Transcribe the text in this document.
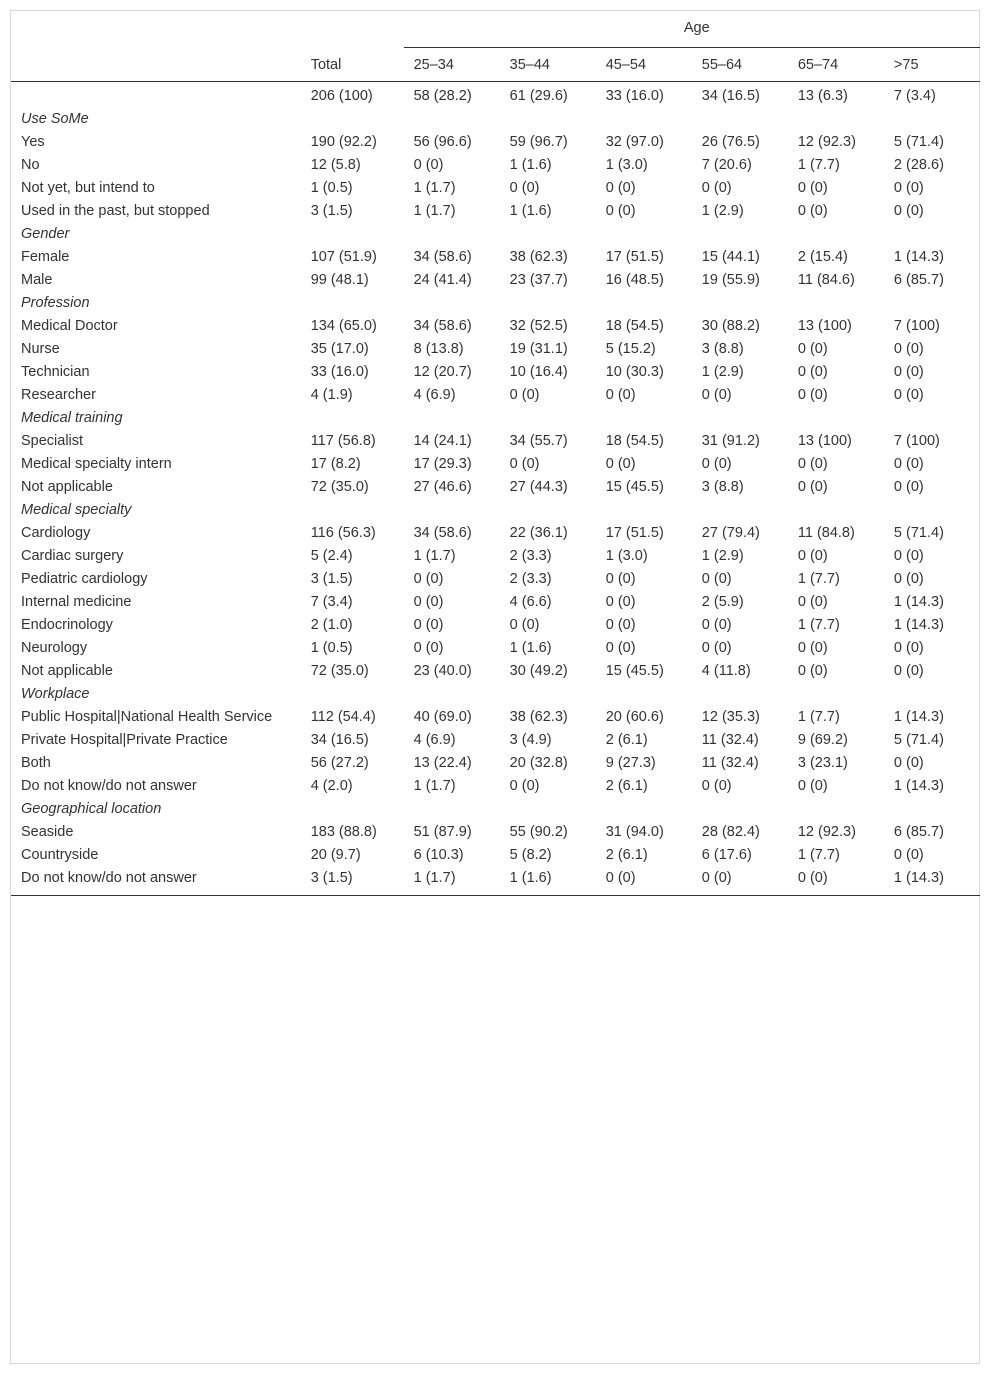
		Age					
	Total	25–34	35–44	45–54	55–64	65–74	>75
	206 (100)	58 (28.2)	61 (29.6)	33 (16.0)	34 (16.5)	13 (6.3)	7 (3.4)
Use SoMe							
Yes	190 (92.2)	56 (96.6)	59 (96.7)	32 (97.0)	26 (76.5)	12 (92.3)	5 (71.4)
No	12 (5.8)	0 (0)	1 (1.6)	1 (3.0)	7 (20.6)	1 (7.7)	2 (28.6)
Not yet, but intend to	1 (0.5)	1 (1.7)	0 (0)	0 (0)	0 (0)	0 (0)	0 (0)
Used in the past, but stopped	3 (1.5)	1 (1.7)	1 (1.6)	0 (0)	1 (2.9)	0 (0)	0 (0)
Gender							
Female	107 (51.9)	34 (58.6)	38 (62.3)	17 (51.5)	15 (44.1)	2 (15.4)	1 (14.3)
Male	99 (48.1)	24 (41.4)	23 (37.7)	16 (48.5)	19 (55.9)	11 (84.6)	6 (85.7)
Profession							
Medical Doctor	134 (65.0)	34 (58.6)	32 (52.5)	18 (54.5)	30 (88.2)	13 (100)	7 (100)
Nurse	35 (17.0)	8 (13.8)	19 (31.1)	5 (15.2)	3 (8.8)	0 (0)	0 (0)
Technician	33 (16.0)	12 (20.7)	10 (16.4)	10 (30.3)	1 (2.9)	0 (0)	0 (0)
Researcher	4 (1.9)	4 (6.9)	0 (0)	0 (0)	0 (0)	0 (0)	0 (0)
Medical training							
Specialist	117 (56.8)	14 (24.1)	34 (55.7)	18 (54.5)	31 (91.2)	13 (100)	7 (100)
Medical specialty intern	17 (8.2)	17 (29.3)	0 (0)	0 (0)	0 (0)	0 (0)	0 (0)
Not applicable	72 (35.0)	27 (46.6)	27 (44.3)	15 (45.5)	3 (8.8)	0 (0)	0 (0)
Medical specialty							
Cardiology	116 (56.3)	34 (58.6)	22 (36.1)	17 (51.5)	27 (79.4)	11 (84.8)	5 (71.4)
Cardiac surgery	5 (2.4)	1 (1.7)	2 (3.3)	1 (3.0)	1 (2.9)	0 (0)	0 (0)
Pediatric cardiology	3 (1.5)	0 (0)	2 (3.3)	0 (0)	0 (0)	1 (7.7)	0 (0)
Internal medicine	7 (3.4)	0 (0)	4 (6.6)	0 (0)	2 (5.9)	0 (0)	1 (14.3)
Endocrinology	2 (1.0)	0 (0)	0 (0)	0 (0)	0 (0)	1 (7.7)	1 (14.3)
Neurology	1 (0.5)	0 (0)	1 (1.6)	0 (0)	0 (0)	0 (0)	0 (0)
Not applicable	72 (35.0)	23 (40.0)	30 (49.2)	15 (45.5)	4 (11.8)	0 (0)	0 (0)
Workplace							
Public Hospital|National Health Service	112 (54.4)	40 (69.0)	38 (62.3)	20 (60.6)	12 (35.3)	1 (7.7)	1 (14.3)
Private Hospital|Private Practice	34 (16.5)	4 (6.9)	3 (4.9)	2 (6.1)	11 (32.4)	9 (69.2)	5 (71.4)
Both	56 (27.2)	13 (22.4)	20 (32.8)	9 (27.3)	11 (32.4)	3 (23.1)	0 (0)
Do not know/do not answer	4 (2.0)	1 (1.7)	0 (0)	2 (6.1)	0 (0)	0 (0)	1 (14.3)
Geographical location							
Seaside	183 (88.8)	51 (87.9)	55 (90.2)	31 (94.0)	28 (82.4)	12 (92.3)	6 (85.7)
Countryside	20 (9.7)	6 (10.3)	5 (8.2)	2 (6.1)	6 (17.6)	1 (7.7)	0 (0)
Do not know/do not answer	3 (1.5)	1 (1.7)	1 (1.6)	0 (0)	0 (0)	0 (0)	1 (14.3)
